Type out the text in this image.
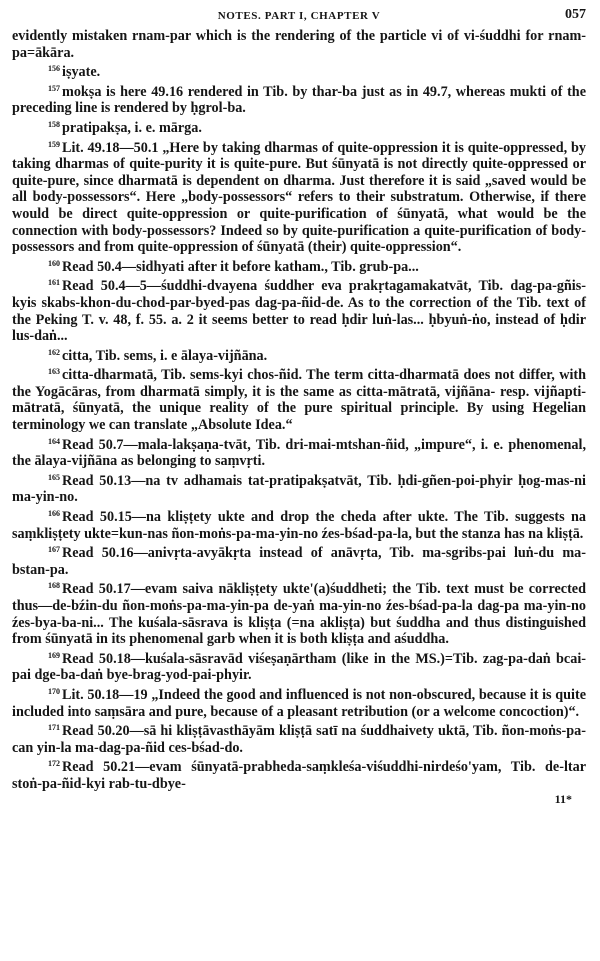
NOTES. PART I, CHAPTER V	057

evidently mistaken rnam-par which is the rendering of the particle vi of vi-śuddhi for rnam-pa=ākāra.

$^{156}$ iṣyate.

$^{157}$ mokṣa is here 49.16 rendered in Tib. by thar-ba just as in 49.7, whereas mukti of the preceding line is rendered by ḥgrol-ba.

$^{158}$ pratipakṣa, i. e. mārga.

$^{159}$ Lit. 49.18—50.1 „Here by taking dharmas of quite-oppression it is quite-oppressed, by taking dharmas of quite-purity it is quite-pure. But śūnyatā is not directly quite-oppressed or quite-pure, since dharmatā is dependent on dharma. Just therefore it is said „saved would be all body-possessors“. Here „body-possessors“ refers to their substratum. Otherwise, if there would be direct quite-oppression or quite-purification of śūnyatā, what would be the connection with body-possessors? Indeed so by quite-purification a quite-purification of body-possessors and from quite-oppression of śūnyatā (their) quite-oppression“.

$^{160}$ Read 50.4—sidhyati after it before katham., Tib. grub-pa...

$^{161}$ Read 50.4—5—śuddhi-dvayena śuddher eva prakṛtagamakatvāt, Tib. dag-pa-gñis-kyis skabs-khon-du-chod-par-byed-pas dag-pa-ñid-de. As to the correction of the Tib. text of the Peking T. v. 48, f. 55. a. 2 it seems better to read ḥdir luṅ-las... ḥbyuṅ-ṅo, instead of ḥdir lus-daṅ...

$^{162}$ citta, Tib. sems, i. e ālaya-vijñāna.

$^{163}$ citta-dharmatā, Tib. sems-kyi chos-ñid. The term citta-dharmatā does not differ, with the Yogācāras, from dharmatā simply, it is the same as citta-mātratā, vijñāna- resp. vijñapti-mātratā, śūnyatā, the unique reality of the pure spiritual principle. By using Hegelian terminology we can translate „Absolute Idea.“

$^{164}$ Read 50.7—mala-lakṣaṇa-tvāt, Tib. dri-mai-mtshan-ñid, „impure“, i. e. phenomenal, the ālaya-vijñāna as belonging to saṃvṛti.

$^{165}$ Read 50.13—na tv adhamais tat-pratipakṣatvāt, Tib. ḥdi-gñen-poi-phyir ḥog-mas-ni ma-yin-no.

$^{166}$ Read 50.15—na kliṣṭety ukte and drop the cheda after ukte. The Tib. suggests na saṃkliṣṭety ukte=kun-nas ñon-moṅs-pa-ma-yin-no źes-bśad-pa-la, but the stanza has na kliṣṭā.

$^{167}$ Read 50.16—anivṛta-avyākṛta instead of anāvṛta, Tib. ma-sgribs-pai luṅ-du ma-bstan-pa.

$^{168}$ Read 50.17—evam saiva nākliṣṭety ukte'(a)śuddheti; the Tib. text must be corrected thus—de-bźin-du ñon-moṅs-pa-ma-yin-pa de-yaṅ ma-yin-no źes-bśad-pa-la dag-pa ma-yin-no źes-bya-ba-ni... The kuśala-sāsrava is kliṣṭa (=na akliṣṭa) but śuddha and thus distinguished from śūnyatā in its phenomenal garb when it is both kliṣṭa and aśuddha.

$^{169}$ Read 50.18—kuśala-sāsravād viśeṣaṇārtham (like in the MS.)=Tib. zag-pa-daṅ bcai-pai dge-ba-daṅ bye-brag-yod-pai-phyir.

$^{170}$ Lit. 50.18—19 „Indeed the good and influenced is not non-obscured, because it is quite included into saṃsāra and pure, because of a pleasant retribution (or a welcome concoction)“.

$^{171}$ Read 50.20—sā hi kliṣṭāvasthāyām kliṣṭā satī na śuddhaivety uktā, Tib. ñon-moṅs-pa-can yin-la ma-dag-pa-ñid ces-bśad-do.

$^{172}$ Read 50.21—evam śūnyatā-prabheda-saṃkleśa-viśuddhi-nirdeśo'yam, Tib. de-ltar stoṅ-pa-ñid-kyi rab-tu-dbye-

11*
